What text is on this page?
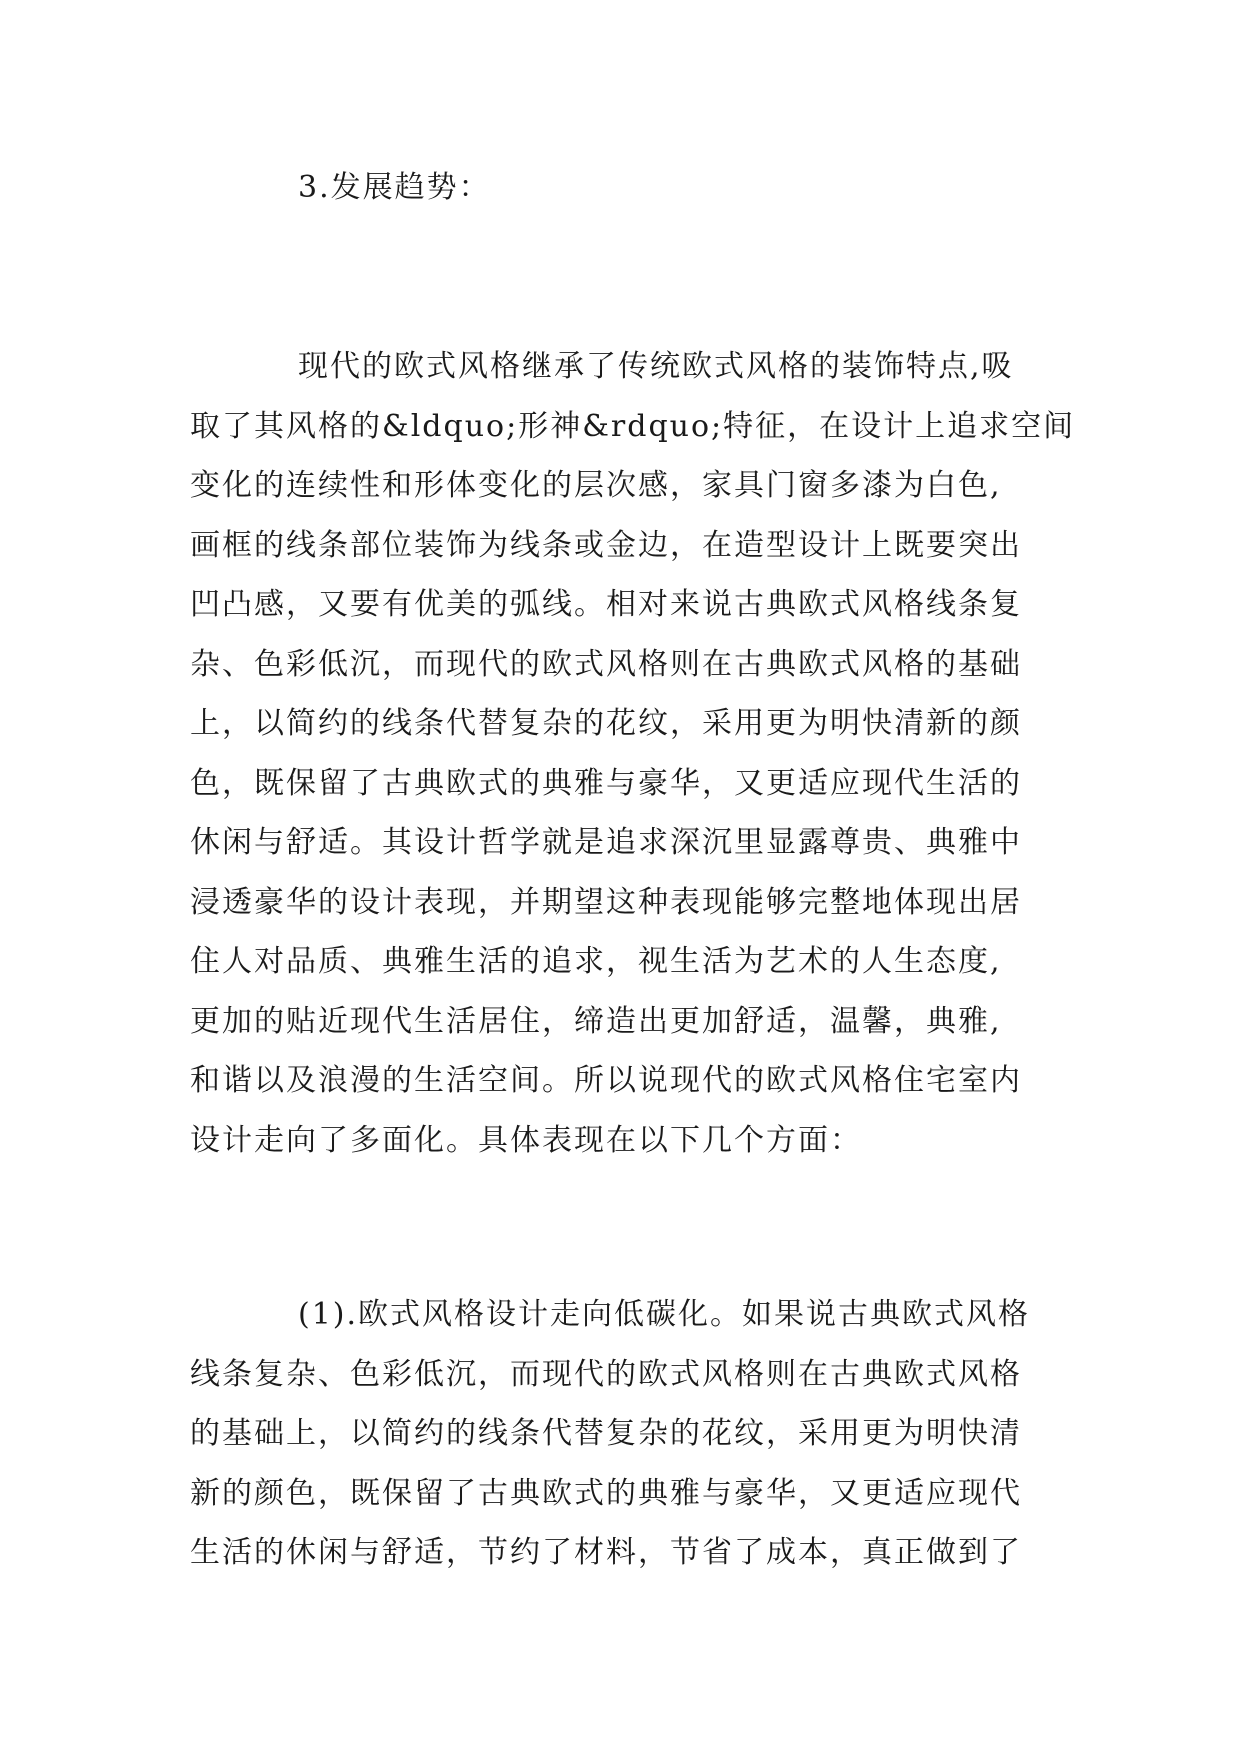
3.发展趋势：
现代的欧式风格继承了传统欧式风格的装饰特点,吸
取了其风格的&ldquo;形神&rdquo;特征，在设计上追求空间
变化的连续性和形体变化的层次感，家具门窗多漆为白色,
画框的线条部位装饰为线条或金边，在造型设计上既要突出
凹凸感，又要有优美的弧线。相对来说古典欧式风格线条复
杂、色彩低沉，而现代的欧式风格则在古典欧式风格的基础
上，以简约的线条代替复杂的花纹，采用更为明快清新的颜
色，既保留了古典欧式的典雅与豪华，又更适应现代生活的
休闲与舒适。其设计哲学就是追求深沉里显露尊贵、典雅中
浸透豪华的设计表现，并期望这种表现能够完整地体现出居
住人对品质、典雅生活的追求，视生活为艺术的人生态度,
更加的贴近现代生活居住，缔造出更加舒适，温馨，典雅,
和谐以及浪漫的生活空间。所以说现代的欧式风格住宅室内
设计走向了多面化。具体表现在以下几个方面：
(1).欧式风格设计走向低碳化。如果说古典欧式风格
线条复杂、色彩低沉，而现代的欧式风格则在古典欧式风格
的基础上，以简约的线条代替复杂的花纹，采用更为明快清
新的颜色，既保留了古典欧式的典雅与豪华，又更适应现代
生活的休闲与舒适，节约了材料，节省了成本，真正做到了
